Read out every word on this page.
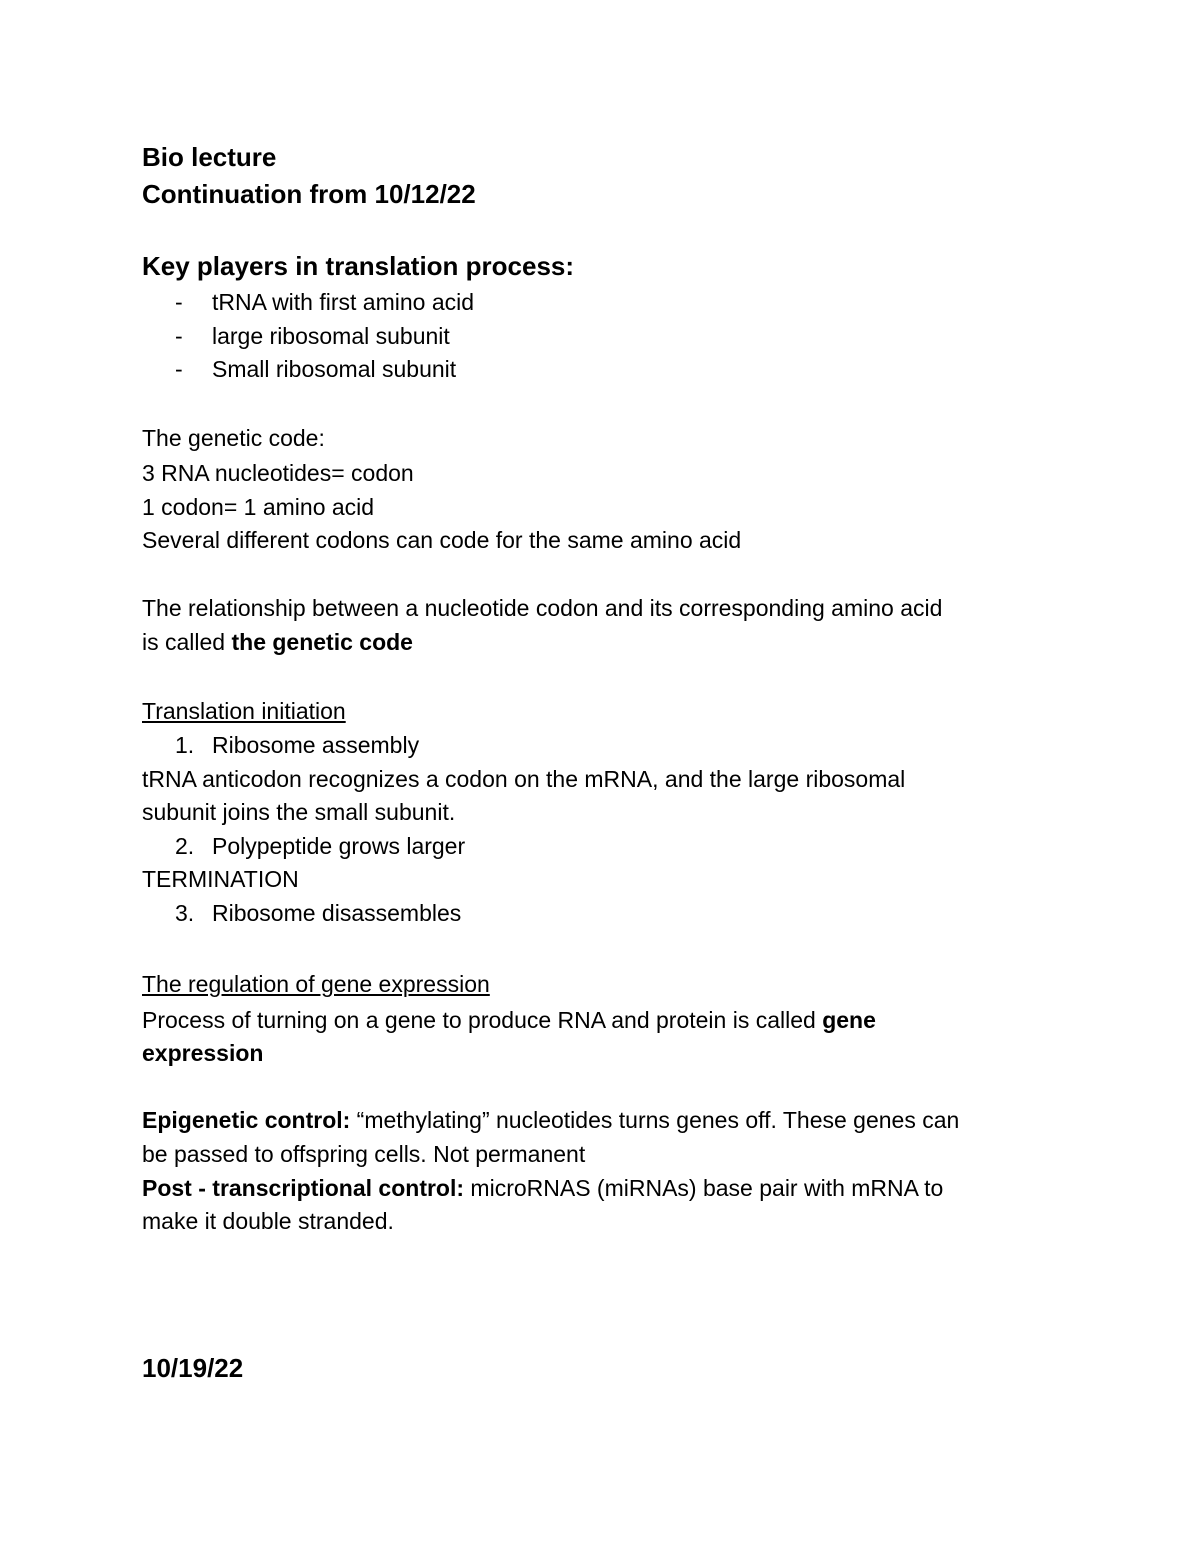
Bio lecture
Continuation from 10/12/22
Key players in translation process:
- tRNA with first amino acid
- large ribosomal subunit
- Small ribosomal subunit
The genetic code:
3 RNA nucleotides= codon
1 codon= 1 amino acid
Several different codons can code for the same amino acid
The relationship between a nucleotide codon and its corresponding amino acid
is called the genetic code
Translation initiation
1. Ribosome assembly
tRNA anticodon recognizes a codon on the mRNA, and the large ribosomal
subunit joins the small subunit.
2. Polypeptide grows larger
TERMINATION
3. Ribosome disassembles
The regulation of gene expression
Process of turning on a gene to produce RNA and protein is called gene
expression
Epigenetic control: “methylating” nucleotides turns genes off. These genes can
be passed to offspring cells. Not permanent
Post - transcriptional control: microRNAS (miRNAs) base pair with mRNA to
make it double stranded.
10/19/22
